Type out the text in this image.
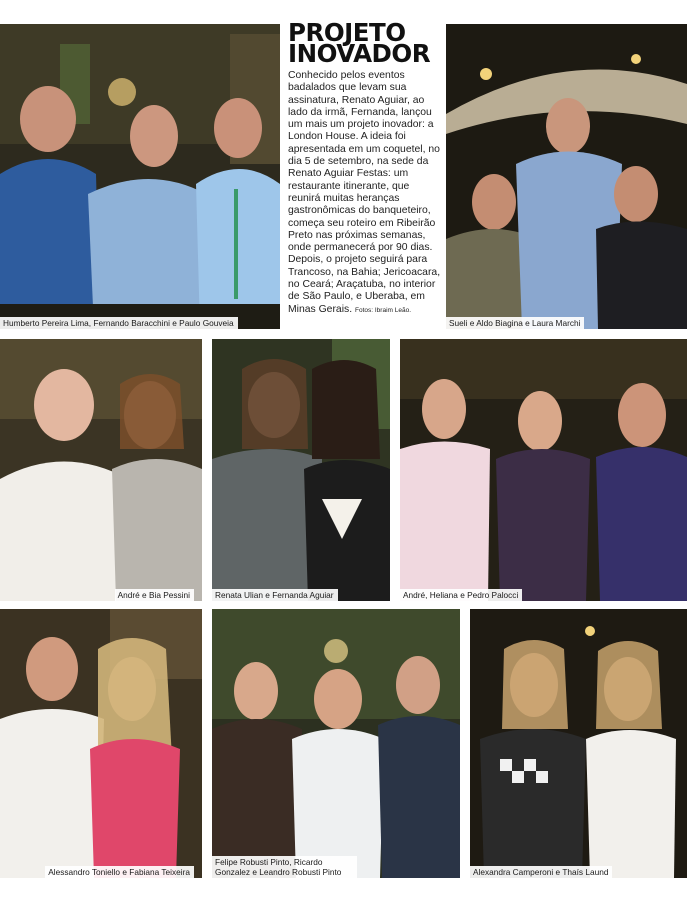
PROJETO
INOVADOR

Conhecido pelos eventos badalados que levam sua assinatura, Renato Aguiar, ao lado da irmã, Fernanda, lançou um mais um projeto inovador: a London House. A ideia foi apresentada em um coquetel, no dia 5 de setembro, na sede da Renato Aguiar Festas: um restaurante itinerante, que reunirá muitas heranças gastronômicas do banqueteiro, começa seu roteiro em Ribeirão Preto nas próximas semanas, onde permanecerá por 90 dias. Depois, o projeto seguirá para Trancoso, na Bahia; Jericoacara, no Ceará; Araçatuba, no interior de São Paulo, e Uberaba, em Minas Gerais. Fotos: Ibraim Leão.

Humberto Pereira Lima, Fernando Baracchini e Paulo Gouveia	Sueli e Aldo Biagina e Laura Marchi
André e Bia Pessini	Renata Ulian e Fernanda Aguiar	André, Heliana e Pedro Palocci
Alessandro Toniello e Fabiana Teixeira
Felipe Robusti Pinto, Ricardo Gonzalez e Leandro Robusti Pinto	Alexandra Camperoni e Thaís Laund
